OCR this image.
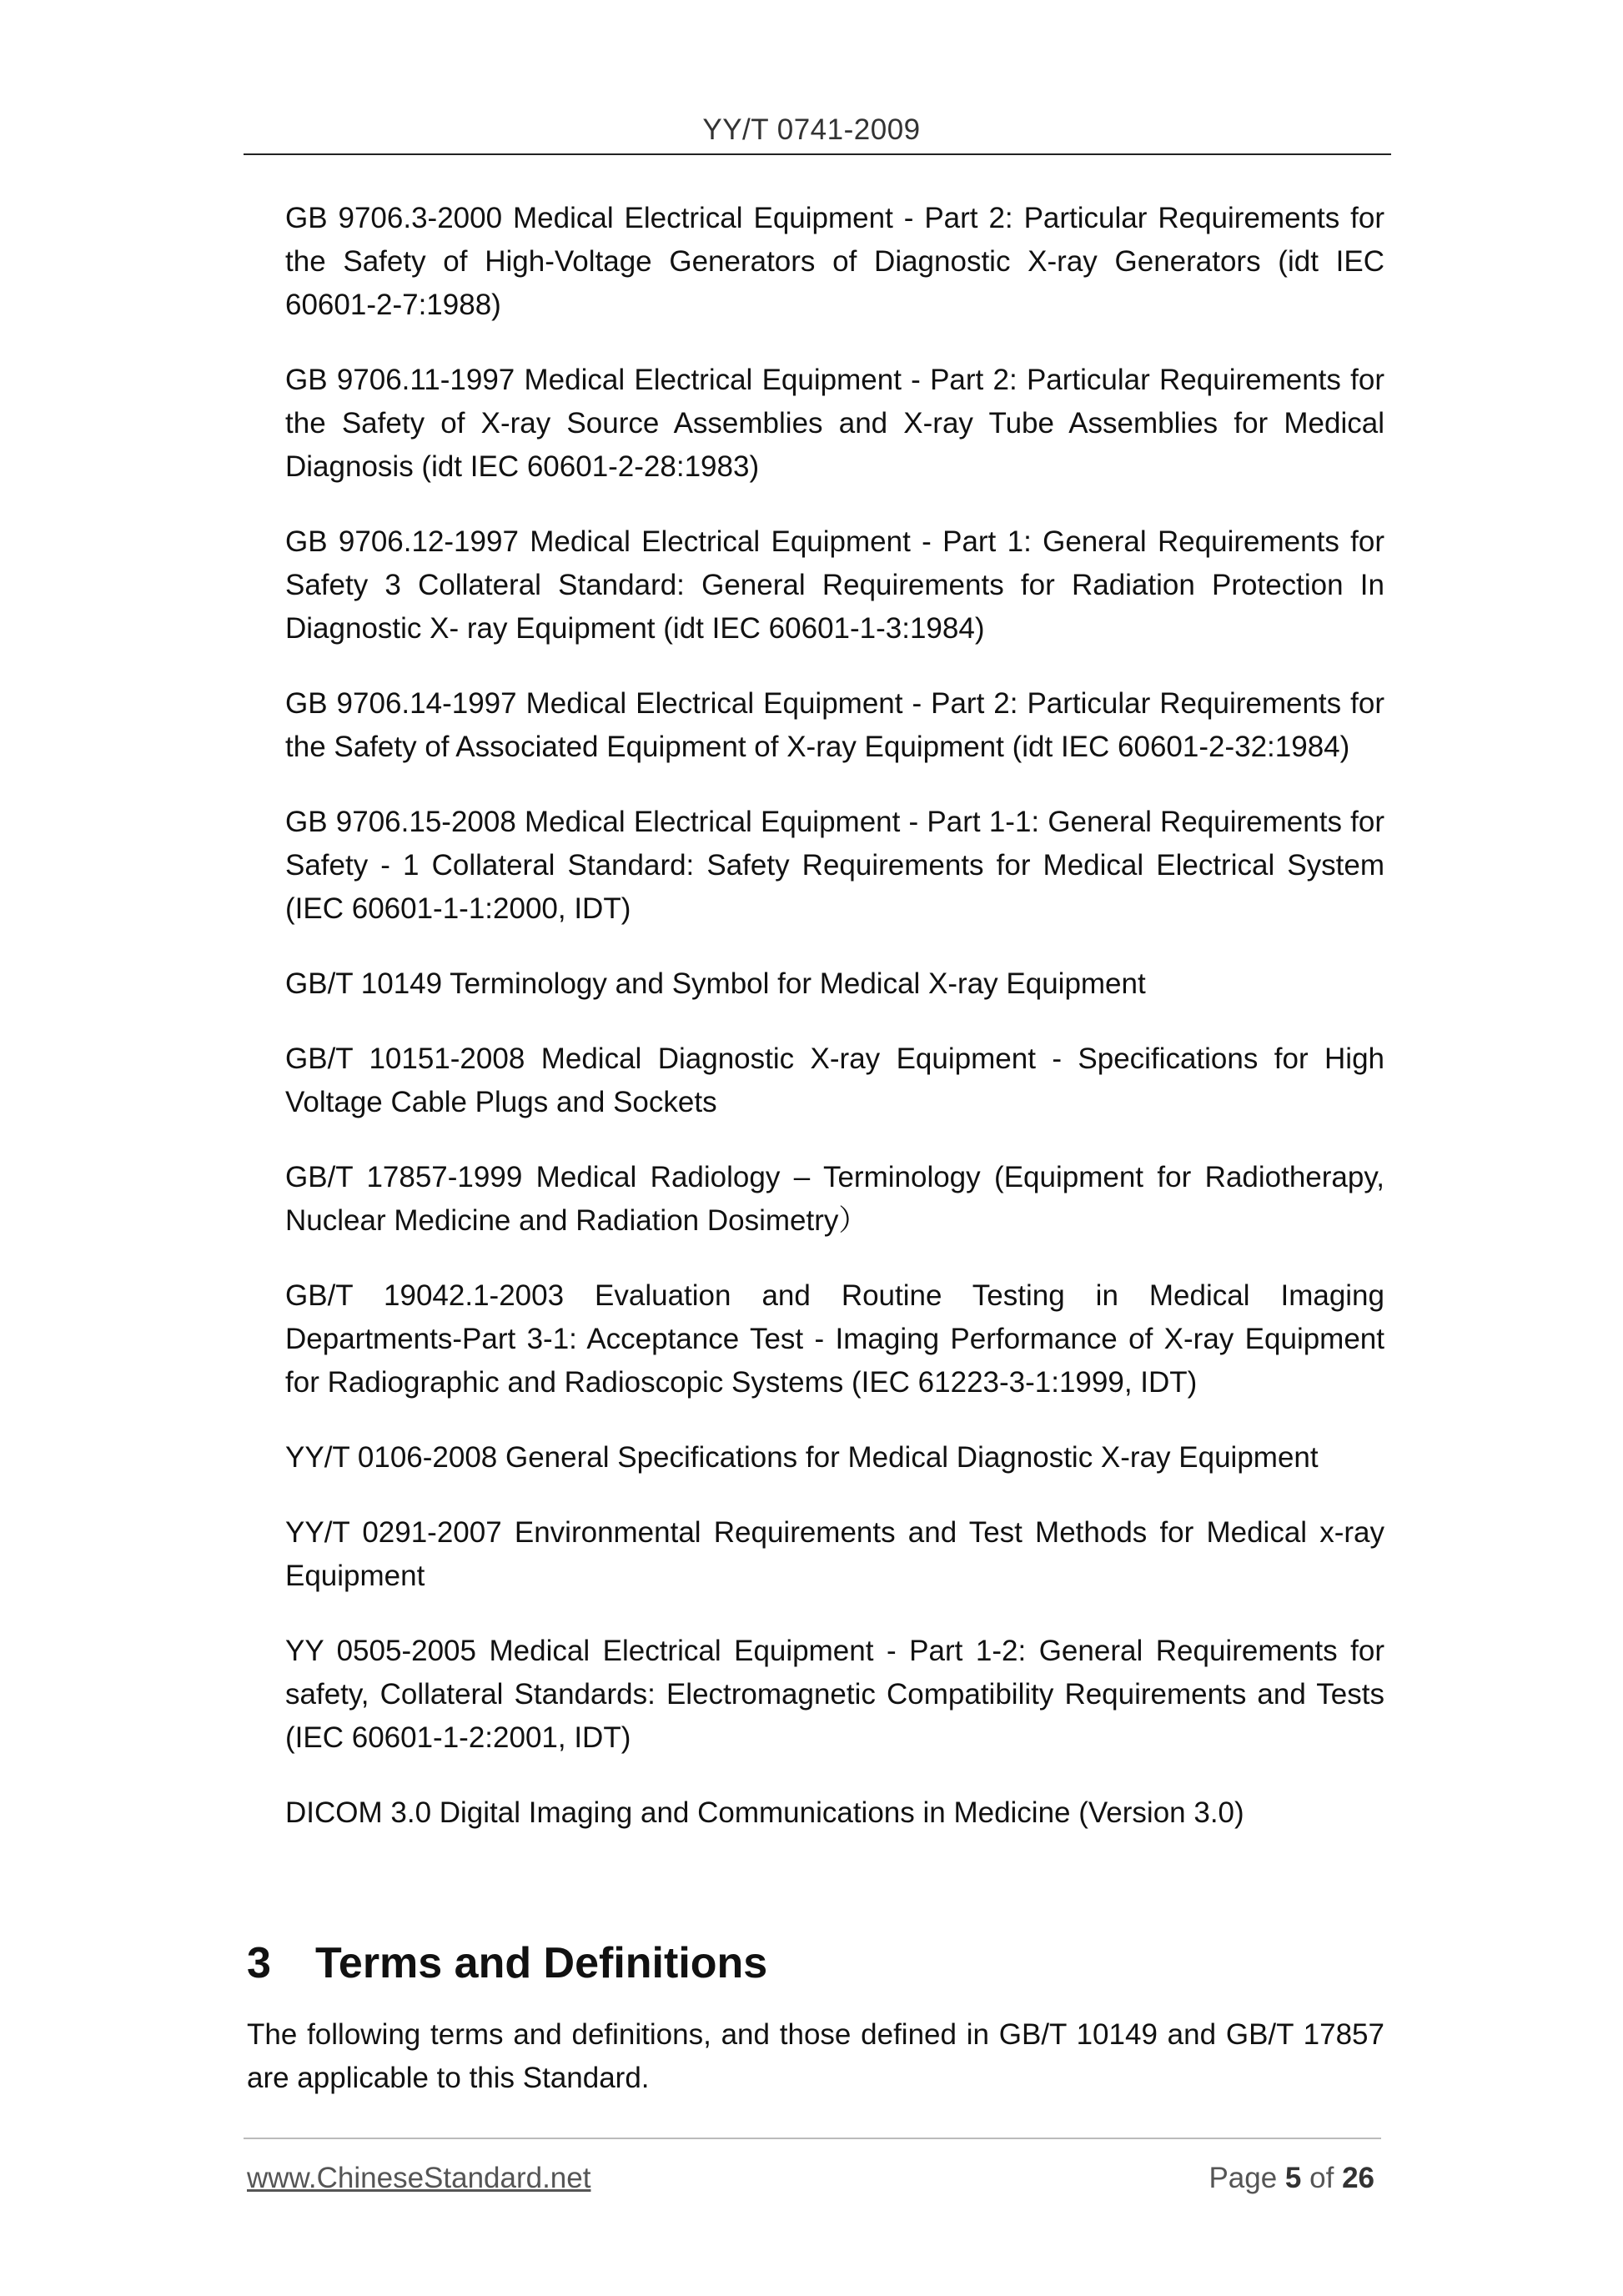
YY/T 0741-2009
GB 9706.3-2000 Medical Electrical Equipment - Part 2: Particular Requirements for the Safety of High-Voltage Generators of Diagnostic X-ray Generators (idt IEC 60601-2-7:1988)
GB 9706.11-1997 Medical Electrical Equipment - Part 2: Particular Requirements for the Safety of X-ray Source Assemblies and X-ray Tube Assemblies for Medical Diagnosis (idt IEC 60601-2-28:1983)
GB 9706.12-1997 Medical Electrical Equipment - Part 1: General Requirements for Safety 3 Collateral Standard: General Requirements for Radiation Protection In Diagnostic X- ray Equipment (idt IEC 60601-1-3:1984)
GB 9706.14-1997 Medical Electrical Equipment - Part 2: Particular Requirements for the Safety of Associated Equipment of X-ray Equipment (idt IEC 60601-2-32:1984)
GB 9706.15-2008 Medical Electrical Equipment - Part 1-1: General Requirements for Safety - 1 Collateral Standard: Safety Requirements for Medical Electrical System (IEC 60601-1-1:2000, IDT)
GB/T 10149 Terminology and Symbol for Medical X-ray Equipment
GB/T 10151-2008 Medical Diagnostic X-ray Equipment - Specifications for High Voltage Cable Plugs and Sockets
GB/T 17857-1999 Medical Radiology – Terminology (Equipment for Radiotherapy, Nuclear Medicine and Radiation Dosimetry）
GB/T 19042.1-2003 Evaluation and Routine Testing in Medical Imaging Departments-Part 3-1: Acceptance Test - Imaging Performance of X-ray Equipment for Radiographic and Radioscopic Systems (IEC 61223-3-1:1999, IDT)
YY/T 0106-2008 General Specifications for Medical Diagnostic X-ray Equipment
YY/T 0291-2007 Environmental Requirements and Test Methods for Medical x-ray Equipment
YY 0505-2005 Medical Electrical Equipment - Part 1-2: General Requirements for safety, Collateral Standards: Electromagnetic Compatibility Requirements and Tests (IEC 60601-1-2:2001, IDT)
DICOM 3.0 Digital Imaging and Communications in Medicine (Version 3.0)
3 Terms and Definitions

The following terms and definitions, and those defined in GB/T 10149 and GB/T 17857 are applicable to this Standard.

www.ChineseStandard.net	Page 5 of 26
